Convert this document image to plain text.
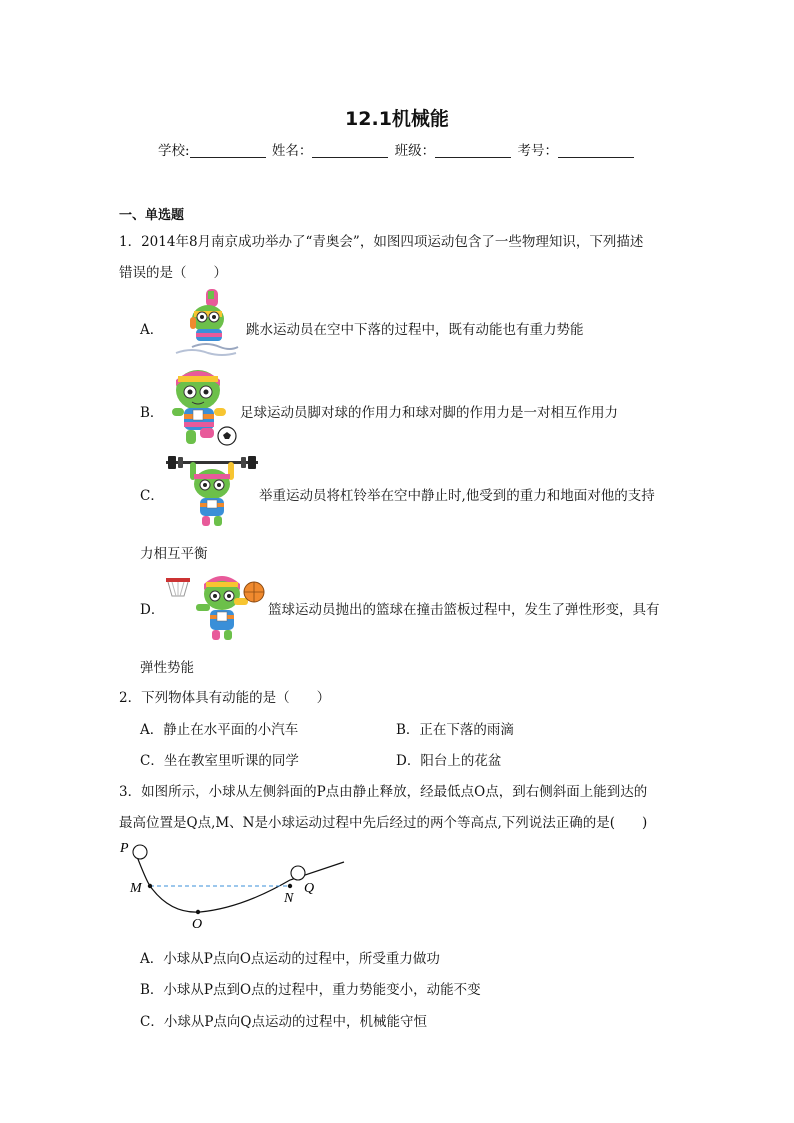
12.1机械能
学校:	姓名：	班级：	考号：
一、单选题
1．2014年8月南京成功举办了“青奥会”，如图四项运动包含了一些物理知识，下列描述
错误的是（　　）
A．	跳水运动员在空中下落的过程中，既有动能也有重力势能
B．	足球运动员脚对球的作用力和球对脚的作用力是一对相互作用力
C．	举重运动员将杠铃举在空中静止时,他受到的重力和地面对他的支持
力相互平衡
D．	篮球运动员抛出的篮球在撞击篮板过程中，发生了弹性形变，具有
弹性势能
2．下列物体具有动能的是（　　）
A．静止在水平面的小汽车	B．正在下落的雨滴
C．坐在教室里听课的同学	D．阳台上的花盆
3．如图所示，小球从左侧斜面的P点由静止释放，经最低点O点，到右侧斜面上能到达的
最高位置是Q点,M、N是小球运动过程中先后经过的两个等高点,下列说法正确的是(　　)
P
M
O
N
Q
A．小球从P点向O点运动的过程中，所受重力做功
B．小球从P点到O点的过程中，重力势能变小，动能不变
C．小球从P点向Q点运动的过程中，机械能守恒
